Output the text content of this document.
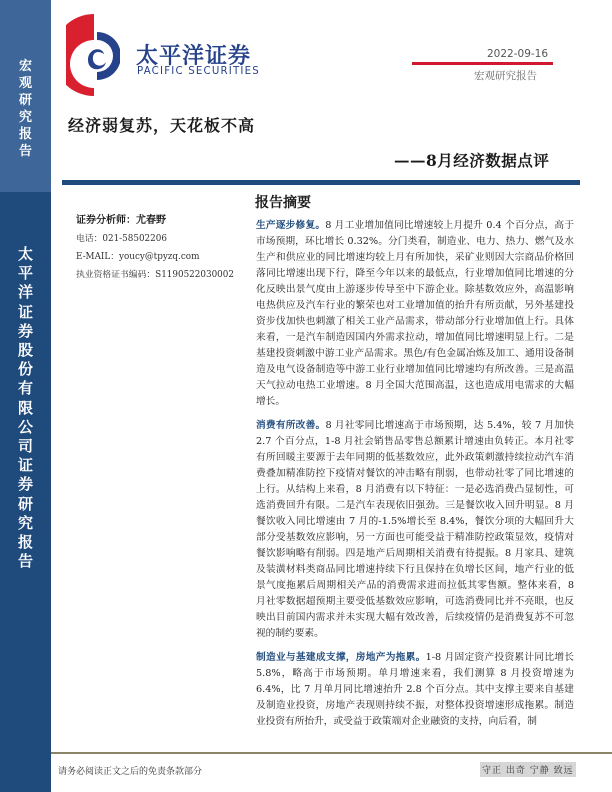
宏
观
研
究
报
告
太
平
洋
证
券
股
份
有
限
公
司
证
券
研
究
报
告
太平洋证券
PACIFIC SECURITIES
2022-09-16
宏观研究报告
经济弱复苏，天花板不高
——8月经济数据点评
证券分析师：尤春野
电话：021-58502206
E-MAIL：youcy@tpyzq.com
执业资格证书编码：S1190522030002
报告摘要
生产逐步修复。8 月工业增加值同比增速较上月提升 0.4 个百分点，高于市场预期，环比增长 0.32%。分门类看，制造业、电力、热力、燃气及水生产和供应业的同比增速均较上月有所加快，采矿业则因大宗商品价格回落同比增速出现下行，降至今年以来的最低点，行业增加值同比增速的分化反映出景气度由上游逐步传导至中下游企业。除基数效应外，高温影响电热供应及汽车行业的繁荣也对工业增加值的抬升有所贡献，另外基建投资步伐加快也刺激了相关工业产品需求，带动部分行业增加值上行。具体来看，一是汽车制造因国内外需求拉动，增加值同比增速明显上行。二是基建投资刺激中游工业产品需求。黑色/有色金属冶炼及加工、通用设备制造及电气设备制造等中游工业行业增加值同比增速均有所改善。三是高温天气拉动电热工业增速。8 月全国大范围高温，这也造成用电需求的大幅增长。
消费有所改善。8 月社零同比增速高于市场预期，达 5.4%，较 7 月加快 2.7 个百分点，1-8 月社会销售品零售总额累计增速由负转正。本月社零有所回暖主要源于去年同期的低基数效应，此外政策刺激持续拉动汽车消费叠加精准防控下疫情对餐饮的冲击略有削弱，也带动社零了同比增速的上行。从结构上来看，8 月消费有以下特征：一是必选消费凸显韧性，可选消费回升有限。二是汽车表现依旧强劲。三是餐饮收入回升明显。8 月餐饮收入同比增速由 7 月的-1.5%增长至 8.4%，餐饮分项的大幅回升大部分受基数效应影响，另一方面也可能受益于精准防控政策显效，疫情对餐饮影响略有削弱。四是地产后周期相关消费有待提振。8 月家具、建筑及装潢材料类商品同比增速持续下行且保持在负增长区间，地产行业的低景气度拖累后周期相关产品的消费需求进而拉低其零售额。整体来看，8 月社零数据超预期主要受低基数效应影响，可选消费同比并不亮眼，也反映出目前国内需求并未实现大幅有效改善，后续疫情仍是消费复苏不可忽视的制约要素。
制造业与基建成支撑，房地产为拖累。1-8 月固定资产投资累计同比增长 5.8%，略高于市场预期。单月增速来看，我们测算 8 月投资增速为 6.4%，比 7 月单月同比增速抬升 2.8 个百分点。其中支撑主要来自基建及制造业投资，房地产表现则持续不振，对整体投资增速形成拖累。制造业投资有所抬升，或受益于政策端对企业融资的支持，向后看，制
请务必阅读正文之后的免责条款部分	守正 出奇 宁静 致远
